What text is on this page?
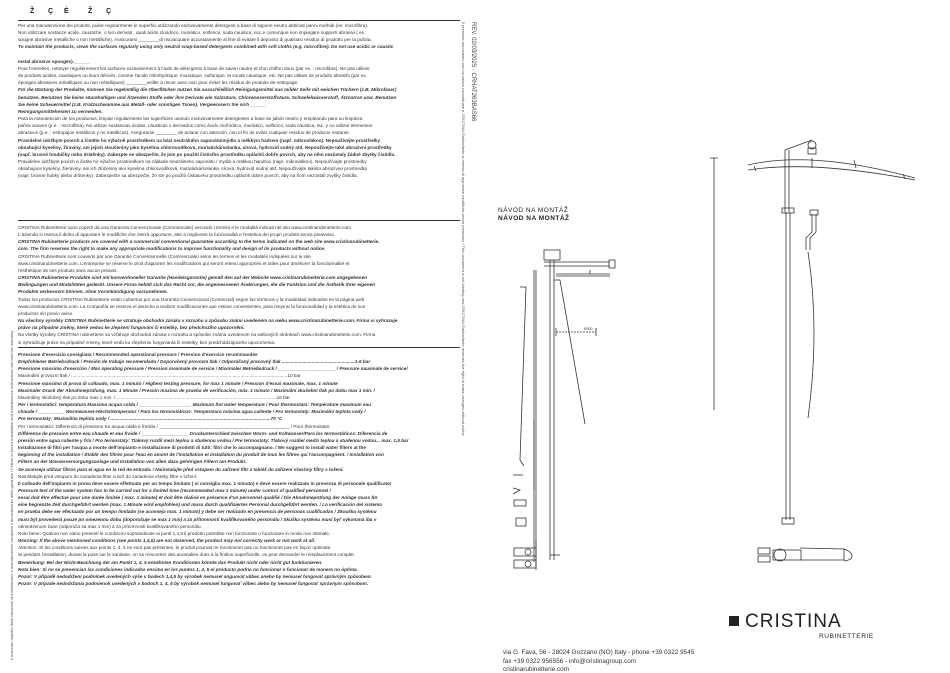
Ž Ç É	Ž Ç

Per una manutenzione dei prodotti, pulire regolarmente le superfici utilizzando esclusivamente detergenti a base di sapone neutro abbinati panni morbidi (es. microfibra).

Non utilizzare sostanze acide, caustiche, o loro derivati , quali acido cloridrico, muriatico, solforico, soda caustica, ecc.e comunque non impiegare supporti abrasivi ( es.

spugne abrasive metalliche o non metalliche). Assicurarsi ________di risciacquare accuratamente al fine di evitare il deposito di qualsiasi residuo di prodotto per la pulizia.

To maintain the products, clean the surfaces regularly using only neutral soap-based detergents combined with soft cloths (e.g. microfibre). Do not use acidic or caustic

metal abrasive sponges).______

Pour l'entretien, nettoyer régulièrement les surfaces exclusivement à l'aide de détergents à base de savon neutre et d'un chiffon doux (par ex. : microfibre). Ne pas utiliser

de produits acides, caustiques ou leurs dérivés, comme l'acide chlorhydrique, muriatique, sulfurique, la soude caustique, etc. Ne pas utiliser de produits abrasifs (par ex.

éponges abrasives métalliques ou non métalliques) ________veiller à rincer avec soin pour éviter les résidus de produits de nettoyage.

Für die Wartung der Produkte, müssen Sie regelmäßig die Oberflächen nutzen Sie ausschließlich Reinigungsmittel aus milder Seife mit weichen Tüchern (z.B. Mikrofaser)

benutzen. Benutzen Sie keine säurehaltigen und Ätzenden Stoffe oder ihre Derivate wie Salzsäure, Chlorwasserstoffsäure, Schwefelwasserstoff, Ätznatron usw. Benutzen

Sie keine Scheuermittel (z.B. Kratzschwamme aus Metall- oder sonstigen Tsoen). Vergewissern Sie sich ______

Reinigungsmittelresten zu vermeiden.

Para la manutención de los productos, limpiar regularmente las superficies usando exclusivamente detergentes a base de jabón neutro y empleando para su limpieza

paños suaves (p.e. : microfibra). No utilizar sustancias ácidas, cáusticas o derivados como ácido clorhídrico, muriático, sulfúrico; soda cáustica, etc. y no utilizar elementos

abrasivos (p.e. : estropajos metálicos y no metálicos). Asegurarse ________ de aclarar con atención, con el fin de evitar cualquier residuo de producto restante.

Pravidelné údržbyte povrch a čistěte ho výlučně prostředkem na bázi neutrálního saponátu/mýdla a měkkým hadrem (např. mikrovlákno). Nepoužívejte prostředky

obsahující kyseliny, žíraviny, ani jejich sloučeniny jako kyselina chlorovodíková, muriatická/solanka, sírová, hydroxid sodný atd. Nepoužívejte také abrazivní prostředky

(např. brusné houbičky nebo drátěnky). Zabezpte se ubezpečte, že jste po použití čisticího prostředku opláchli dobře povrch, aby na něm nezůstaly žádné zbytky čistidla.

Pravidelne údržbyte povrch a čistite ho výlučne prostriedkom na základe neutrálneho saponátu / mydla a mäkkou handrou (napr. mikrovlákno). Nepoužívajte prostriedky

obsahujúce kyseliny, žieraviny, ani ich zlúčeniny ako kyselina chlorovodíková, muriatická/solanka, sírová, hydroxid sodný atď. Nepoužívajte takisto abrazívne prostriedky

(napr. brúsne hubky alebo drôtenky). Zabezpečte sa ubezpečte, že ste po použití čistiaceho prostriedku opláchli dobre povrch, aby na ňom nezostali zvyšky čistidla.

CRISTINA Rubinetterie sono coperti da una Garanzia Convenzionale (Commerciale) secondo i termini e le modalità indicati nel sito www.cristinarubinetterie.com.

L'azienda si riserva il diritto di apportare le modifiche che riterrà opportune, atte a migliorare la funzionalità e l'estetica dei propri prodotti senza preavviso.

CRISTINA Rubinetterie products are covered with a commercial conventional guarantee according to the terms indicated on the web site www.cristinarubinetterie.

com. The firm reserves the right to make any appropriate modifications to improve functionality and design of its products without notice.

CRISTINA Rubinetterie sont couverts par une Garantie Conventionnelle (Commerciale) selon les termes et les modalités indiquées sur le site

www.cristinarubinetterie.com. L'entreprise se réserve le droit d'apporter les modifications qui seront retenu appropriés et utiles pour améliorer la fonctionnalité et

l'esthétique de ses produits sans aucun préavis.

CRISTINA Rubinetterie Produkte sind mit konventioneller Garantie (Handelsgarantie) gemäß den auf der Website www.cristinarubinetterie.com angegebenen

Bedingungen und Modalitäten gedeckt. Unsere Firma behält sich das Recht vor, die angemessenen Änderungen, die die Funktion und die Ästhetik ihrer eigenen

Produkte verbessern können, ohne Vorankündigung vorzunehmen.

Todos los productos CRISTINA Rubinetterie están cubiertos por una Garantía Convencional (Comercial) según los términos y la modalidad indicados en la página web

www.cristinarubinetterie.com. La Compañía se reserva el derecho a realizar modificaciones que estime convenientes, para mejorar la funcionalidad y la estética de sus

productos sin previo aviso.

Na všechny výrobky CRISTINA Rubinetterie se vztahuje obchodní záruka v rozsahu a způsobu známi uvedeném na webu www.cristinarubinetterie.com. Firma si vyhrazuje

právo na případné změny, které vedou ke zlepšení fungování či estetiky, bez předchozího upozornění.

Na všetky výrobky CRISTINA rubinetterie sa vzťahuje obchodná záruka v rozsahu a spôsobe známa uvedenom na webových stránkach www.cristinarubinetterie.com. Firma

si vyhradzuje právo na prípadné zmeny, ktoré vedú ku zlepšeniu fungovania či estetiky, bez predchádzajúceho upozornenia.

Pressione d'esercizio consigliata / Recommended operational pressure / Pression d'exercice recommandée

Empfohlener Betriebsdruck / Presión de trabajo recomendada / Doporučený provozní tlak / Odporúčaný pracovný tlak ........................................................1-5 bar

Pressione massima d'esercizio / Max operating pressure / Pression maximale de service / Maximaler Betriebsdruck / ______________________ / Pressure maximale de service/

Maximální provozní tlak / ......................................................................................................................................................................10 bar

Pressione massima di prova di collaudo, max. 1 minuto / Highest testing pressure, for max 1 minute / Pression d'essai maximale, max. 1 minute

Maximaler Druck der Abnahmeprüfung, max. 1 Minute / Presión maxima de prueba de verificación, máx. 1 minuto / Maximální zkušební tlak po dobu max 1 min. /

Maximálny skúšobný tlak po dobu max 1 min. / ...........................................................................................................................16 bar

Per i termostatici: temperatura Massima acqua calda / ____________________ Maximum hot water temperature / Pour thermostats: Température maximum eau

chaude / __________ Warmwasser-Höchsttemperatur / Para los termostáticos: Temperatura máxima agua caliente / Pro termostaty: Maximální teplota vody /

Pre termostaty: Maximálna teplota vody / ...........................................................................................................................70 °C

Per i termostatici: Differenza di pressione tra acqua calda e fredda / __________________________________________________ / Pour thermostats:

Différence de pression entre eau chaude et eau froide / __________________ Druckunterschied zwischen Warm- und Kaltwasser/Para los termostáticos: Diferencia de

presión entre agua caliente y fría / Pro termostaty: Tlakový rozdíl mezi teplou a studenou vodou / Pre termostaty: Tlakový rozdiel medzi teplou a studenou vodou... max. 1,5 bar

Installazione di filtri per l'acqua a monte dell'impianto e installazione di prodotti di tutti: filtri che lo accompagnano. / We suggest to install water filters at the

beginning of the installation / Établir des filtres pour l'eau en amont de l'installation et installation du produit de tous les filtres qui l'accompagnent. / Installation von

Filtern an der Wasserversorgungsanlage und Installation von allen dazu gehörigen Filtern am Produkt.

Se aconseja utilizar filtros para el agua en la red de entrada. / Nainstalujte před vstupem do zařízení filtr a taktéž do zařízení všechny filtry s ložení.

Nainštalujte pred vstupom do zariadenia filter a tiež do zariadenia všetky filtre s ložení.

Il collaudo dell'impianto in prova deve essere effettuato per un tempo limitato ( si consiglia max. 1 minuto) e deve essere realizzato in presenza di personale qualificato/

Pressure test of the water system has to be carried out for a limited time (recommended max 1 minute) under control of qualified personnel /

essai doit être effectué pour une durée limitée ( max. 1 minute) et doit être réalisé en présence d'un personnel qualifié / Die Abnahmeprüfung der Anlage muss für

eine begrenzte Zeit durchgeführt werden (max. 1 Minute wird empfohlen) und muss durch qualifiziertes Personal durchgeführt werden. / La verificación del sistema

en prueba debe ser efectuado por un tiempo limitado (se aconseja max. 1 minuto) y debe ser realizado en presencia de personas cualificadas / Zkouška systému

musí být provedená pouze po omezenou dobu (doporučuje se max 1 min) a za přítomnosti kvalifikovaného personálu / Skúška systému musí byť vykonaná iba v

obmedzenom čase (odporúča sa max 1 min) a za prítomnosti kvalifikovaného personálu.

Note bene: Qualora non siano presenti le condizioni sopraindicate ai punti 1,4,5 il prodotto potrebbe non funzionare o funzionare in modo non ottimale.

Warning: If the above mentioned conditions (see points 1,4,5) are not observed, the product may not correctly work or not work at all.

Attention: Si les conditions suivies aux points 1, 4, 5 ne sont pas présentes, le produit pourrait ne fonctionner pas ou fonctionner pas en façon optimale.

Si pendant l'installation, durant la pose sur le sanitaire, on va rencontrer des anomalies dues à la finition superficielle, on peut demander le remplacement complet.

Bemerkung: Bei der Nicht-Beachtung der am Punkt 1, 4, 5 erwähnten Konditionen könnte das Produkt nicht oder nicht gut funktionieren.

Nota bien: Si no se presencian las condiciones indicadas encima en los puntos 1, 4, 5 el producto podría no funcionar o funcionar de manera no óptima.

Pozor: V případě nedodržení podmínek uvedených výše v bodech 1,4,5 by výrobek nemusel anguovat vůbec anebo by nemusel fungovat správným způsobem.

Pozor: V prípade nedodržania podmienok uvedených v bodoch 1, 4, 5 by výrobok nemusel fungovať vôbec alebo by nemusel fungovať správnym spôsobom.

Il mancato rispetto delle istruzioni di installazione e manutenzione comporta il decadimento della garanzia / Failure to follow installation and maintenance instructions will void the warranty
Il presente documento non ha valore contrattuale e CRISTINA Rubinetterie si riserva di apportare modifiche senza preavviso / This document is not binding and CRISTINA Rubinetterie reserves the right to make changes without notice REV. 02/03/2025 · CRHAT263BAS66
NÁVOD NA MONTÁŽ
NÁVOD NA MONTÁŽ
Ø300
CRISTINA
RUBINETTERIE
via G. Fava, 56 - 28024 Gozzano (NO) Italy - phone +39 0322 9545
fax +39 0322 956556 - info@cristinagroup.com
cristinarubinetterie.com
